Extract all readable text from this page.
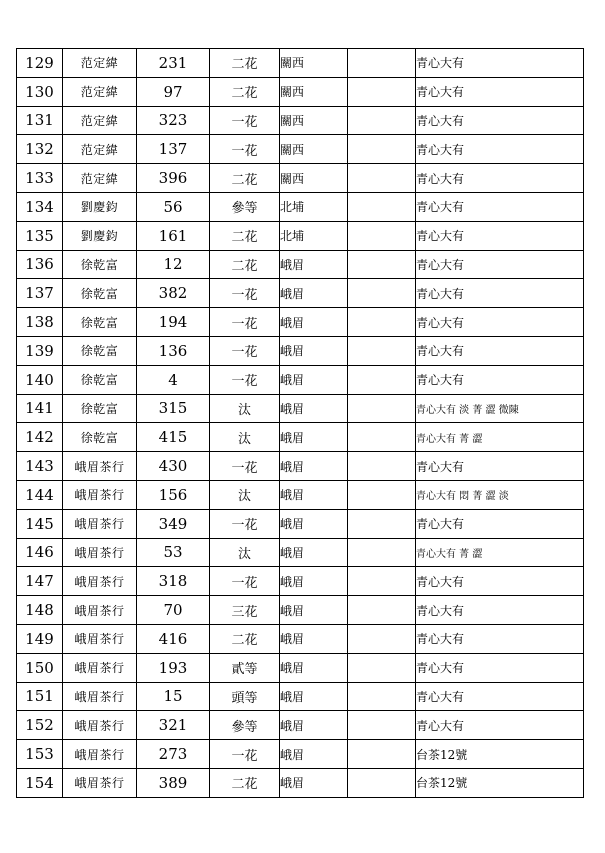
129	范定緯	231	二花	關西		青心大有
130	范定緯	97	二花	關西		青心大有
131	范定緯	323	一花	關西		青心大有
132	范定緯	137	一花	關西		青心大有
133	范定緯	396	二花	關西		青心大有
134	劉慶鈞	56	參等	北埔		青心大有
135	劉慶鈞	161	二花	北埔		青心大有
136	徐乾富	12	二花	峨眉		青心大有
137	徐乾富	382	一花	峨眉		青心大有
138	徐乾富	194	一花	峨眉		青心大有
139	徐乾富	136	一花	峨眉		青心大有
140	徐乾富	4	一花	峨眉		青心大有
141	徐乾富	315	汰	峨眉		青心大有 淡 菁 澀 微陳
142	徐乾富	415	汰	峨眉		青心大有 菁 澀
143	峨眉茶行	430	一花	峨眉		青心大有
144	峨眉茶行	156	汰	峨眉		青心大有 悶 菁 澀 淡
145	峨眉茶行	349	一花	峨眉		青心大有
146	峨眉茶行	53	汰	峨眉		青心大有 菁 澀
147	峨眉茶行	318	一花	峨眉		青心大有
148	峨眉茶行	70	三花	峨眉		青心大有
149	峨眉茶行	416	二花	峨眉		青心大有
150	峨眉茶行	193	貳等	峨眉		青心大有
151	峨眉茶行	15	頭等	峨眉		青心大有
152	峨眉茶行	321	參等	峨眉		青心大有
153	峨眉茶行	273	一花	峨眉		台茶12號
154	峨眉茶行	389	二花	峨眉		台茶12號
